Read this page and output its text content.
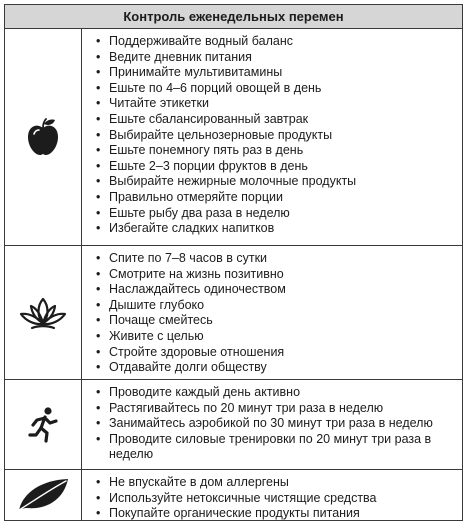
Контроль еженедельных перемен
• Поддерживайте водный баланс
• Ведите дневник питания
• Принимайте мультивитамины
• Ешьте по 4–6 порций овощей в день
• Читайте этикетки
• Ешьте сбалансированный завтрак
• Выбирайте цельнозерновые продукты
• Ешьте понемногу пять раз в день
• Ешьте 2–3 порции фруктов в день
• Выбирайте нежирные молочные продукты
• Правильно отмеряйте порции
• Ешьте рыбу два раза в неделю
• Избегайте сладких напитков
• Спите по 7–8 часов в сутки
• Смотрите на жизнь позитивно
• Наслаждайтесь одиночеством
• Дышите глубоко
• Почаще смейтесь
• Живите с целью
• Стройте здоровые отношения
• Отдавайте долги обществу
• Проводите каждый день активно
• Растягивайтесь по 20 минут три раза в неделю
• Занимайтесь аэробикой по 30 минут три раза в неделю
• Проводите силовые тренировки по 20 минут три раза в неделю
• Не впускайте в дом аллергены
• Используйте нетоксичные чистящие средства
• Покупайте органические продукты питания
